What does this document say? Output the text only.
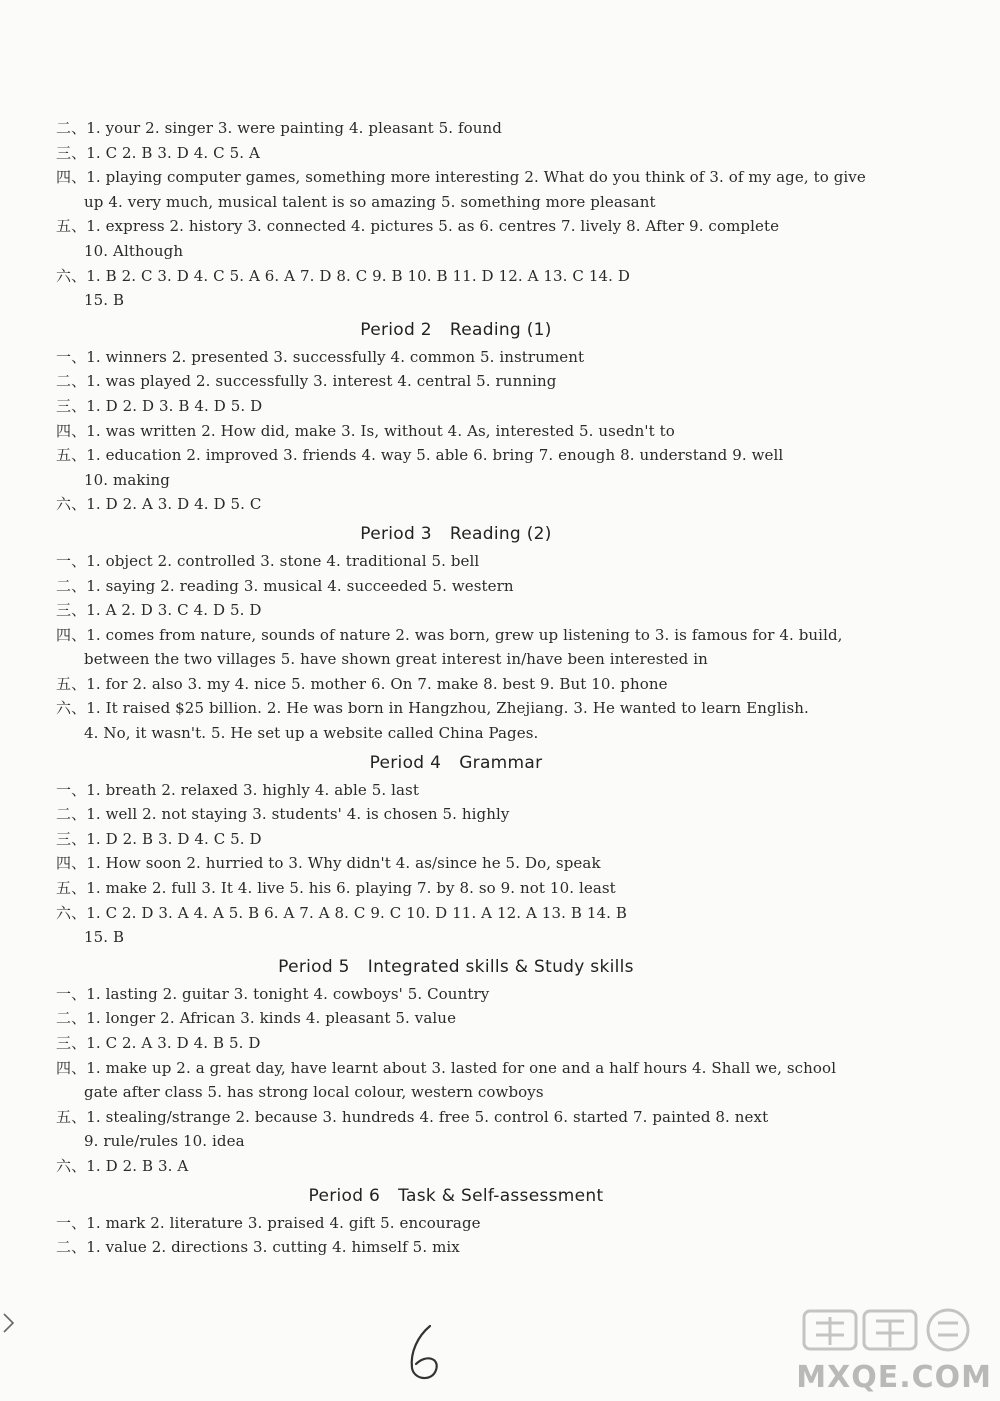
二、1. your 2. singer 3. were painting 4. pleasant 5. found
三、1. C 2. B 3. D 4. C 5. A
四、1. playing computer games, something more interesting 2. What do you think of 3. of my age, to give
up 4. very much, musical talent is so amazing 5. something more pleasant
五、1. express 2. history 3. connected 4. pictures 5. as 6. centres 7. lively 8. After 9. complete
10. Although
六、1. B 2. C 3. D 4. C 5. A 6. A 7. D 8. C 9. B 10. B 11. D 12. A 13. C 14. D
15. B
Period 2 Reading (1)
一、1. winners 2. presented 3. successfully 4. common 5. instrument
二、1. was played 2. successfully 3. interest 4. central 5. running
三、1. D 2. D 3. B 4. D 5. D
四、1. was written 2. How did, make 3. Is, without 4. As, interested 5. usedn't to
五、1. education 2. improved 3. friends 4. way 5. able 6. bring 7. enough 8. understand 9. well
10. making
六、1. D 2. A 3. D 4. D 5. C
Period 3 Reading (2)
一、1. object 2. controlled 3. stone 4. traditional 5. bell
二、1. saying 2. reading 3. musical 4. succeeded 5. western
三、1. A 2. D 3. C 4. D 5. D
四、1. comes from nature, sounds of nature 2. was born, grew up listening to 3. is famous for 4. build,
between the two villages 5. have shown great interest in/have been interested in
五、1. for 2. also 3. my 4. nice 5. mother 6. On 7. make 8. best 9. But 10. phone
六、1. It raised $25 billion. 2. He was born in Hangzhou, Zhejiang. 3. He wanted to learn English.
4. No, it wasn't. 5. He set up a website called China Pages.
Period 4 Grammar
一、1. breath 2. relaxed 3. highly 4. able 5. last
二、1. well 2. not staying 3. students' 4. is chosen 5. highly
三、1. D 2. B 3. D 4. C 5. D
四、1. How soon 2. hurried to 3. Why didn't 4. as/since he 5. Do, speak
五、1. make 2. full 3. It 4. live 5. his 6. playing 7. by 8. so 9. not 10. least
六、1. C 2. D 3. A 4. A 5. B 6. A 7. A 8. C 9. C 10. D 11. A 12. A 13. B 14. B
15. B
Period 5 Integrated skills & Study skills
一、1. lasting 2. guitar 3. tonight 4. cowboys' 5. Country
二、1. longer 2. African 3. kinds 4. pleasant 5. value
三、1. C 2. A 3. D 4. B 5. D
四、1. make up 2. a great day, have learnt about 3. lasted for one and a half hours 4. Shall we, school
gate after class 5. has strong local colour, western cowboys
五、1. stealing/strange 2. because 3. hundreds 4. free 5. control 6. started 7. painted 8. next
9. rule/rules 10. idea
六、1. D 2. B 3. A
Period 6 Task & Self-assessment
一、1. mark 2. literature 3. praised 4. gift 5. encourage
二、1. value 2. directions 3. cutting 4. himself 5. mix
MXQE.COM
